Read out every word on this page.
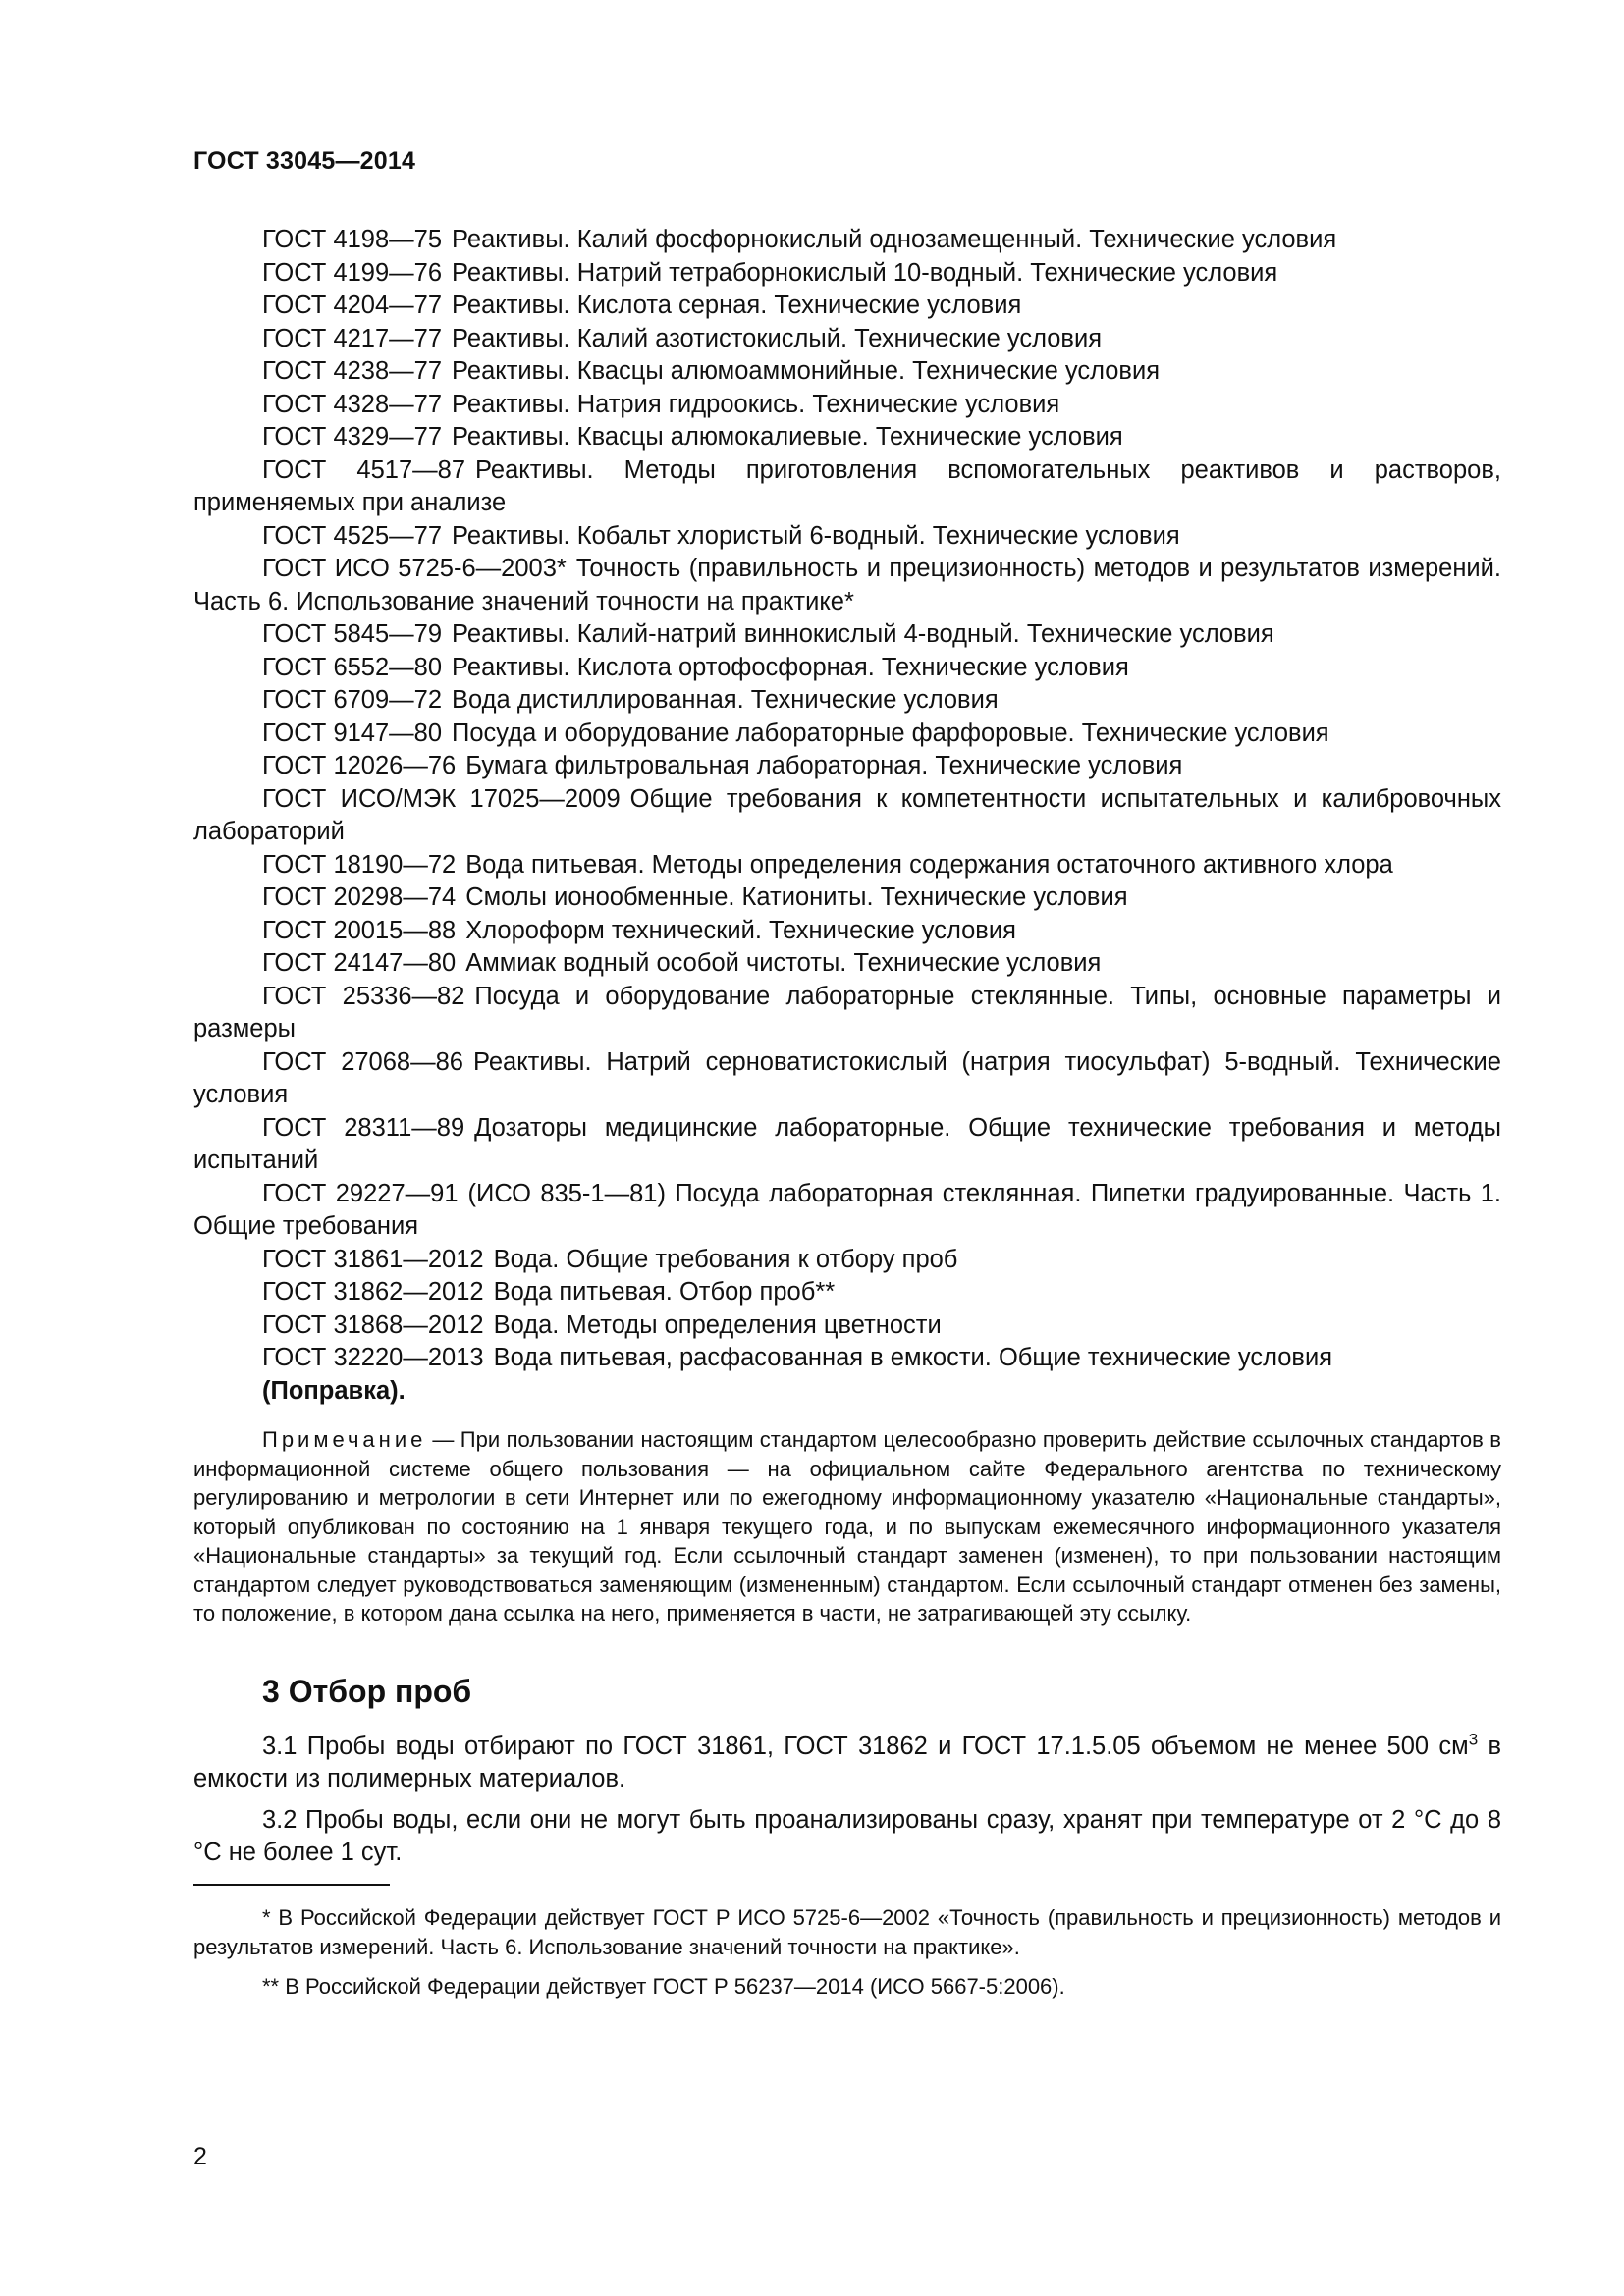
ГОСТ 33045—2014

ГОСТ 4198—75 Реактивы. Калий фосфорнокислый однозамещенный. Технические условия

ГОСТ 4199—76 Реактивы. Натрий тетраборнокислый 10-водный. Технические условия

ГОСТ 4204—77 Реактивы. Кислота серная. Технические условия

ГОСТ 4217—77 Реактивы. Калий азотистокислый. Технические условия

ГОСТ 4238—77 Реактивы. Квасцы алюмоаммонийные. Технические условия

ГОСТ 4328—77 Реактивы. Натрия гидроокись. Технические условия

ГОСТ 4329—77 Реактивы. Квасцы алюмокалиевые. Технические условия

ГОСТ 4517—87 Реактивы. Методы приготовления вспомогательных реактивов и растворов, применяемых при анализе

ГОСТ 4525—77 Реактивы. Кобальт хлористый 6-водный. Технические условия

ГОСТ ИСО 5725-6—2003* Точность (правильность и прецизионность) методов и результатов измерений. Часть 6. Использование значений точности на практике*

ГОСТ 5845—79 Реактивы. Калий-натрий виннокислый 4-водный. Технические условия

ГОСТ 6552—80 Реактивы. Кислота ортофосфорная. Технические условия

ГОСТ 6709—72 Вода дистиллированная. Технические условия

ГОСТ 9147—80 Посуда и оборудование лабораторные фарфоровые. Технические условия

ГОСТ 12026—76 Бумага фильтровальная лабораторная. Технические условия

ГОСТ ИСО/МЭК 17025—2009 Общие требования к компетентности испытательных и калибровочных лабораторий

ГОСТ 18190—72 Вода питьевая. Методы определения содержания остаточного активного хлора

ГОСТ 20298—74 Смолы ионообменные. Катиониты. Технические условия

ГОСТ 20015—88 Хлороформ технический. Технические условия

ГОСТ 24147—80 Аммиак водный особой чистоты. Технические условия

ГОСТ 25336—82 Посуда и оборудование лабораторные стеклянные. Типы, основные параметры и размеры

ГОСТ 27068—86 Реактивы. Натрий серноватистокислый (натрия тиосульфат) 5-водный. Технические условия

ГОСТ 28311—89 Дозаторы медицинские лабораторные. Общие технические требования и методы испытаний

ГОСТ 29227—91 (ИСО 835-1—81) Посуда лабораторная стеклянная. Пипетки градуированные. Часть 1. Общие требования

ГОСТ 31861—2012 Вода. Общие требования к отбору проб

ГОСТ 31862—2012 Вода питьевая. Отбор проб**

ГОСТ 31868—2012 Вода. Методы определения цветности

ГОСТ 32220—2013 Вода питьевая, расфасованная в емкости. Общие технические условия

(Поправка).
Примечание — При пользовании настоящим стандартом целесообразно проверить действие ссылочных стандартов в информационной системе общего пользования — на официальном сайте Федерального агентства по техническому регулированию и метрологии в сети Интернет или по ежегодному информационному указателю «Национальные стандарты», который опубликован по состоянию на 1 января текущего года, и по выпускам ежемесячного информационного указателя «Национальные стандарты» за текущий год. Если ссылочный стандарт заменен (изменен), то при пользовании настоящим стандартом следует руководствоваться заменяющим (измененным) стандартом. Если ссылочный стандарт отменен без замены, то положение, в котором дана ссылка на него, применяется в части, не затрагивающей эту ссылку.
3 Отбор проб

3.1 Пробы воды отбирают по ГОСТ 31861, ГОСТ 31862 и ГОСТ 17.1.5.05 объемом не менее 500 $см^3$ в емкости из полимерных материалов.

3.2 Пробы воды, если они не могут быть проанализированы сразу, хранят при температуре от 2 °С до 8 °С не более 1 сут.

* В Российской Федерации действует ГОСТ Р ИСО 5725-6—2002 «Точность (правильность и прецизионность) методов и результатов измерений. Часть 6. Использование значений точности на практике».
** В Российской Федерации действует ГОСТ Р 56237—2014 (ИСО 5667-5:2006).
2
